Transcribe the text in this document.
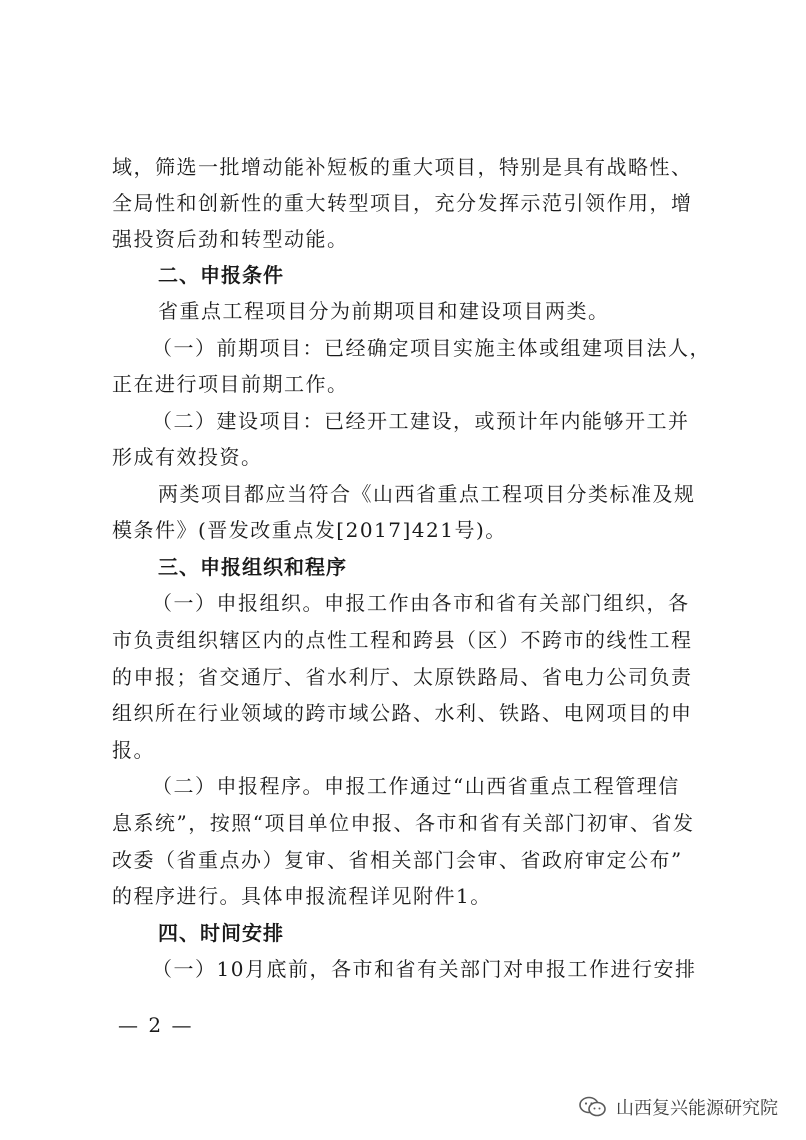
域，筛选一批增动能补短板的重大项目，特别是具有战略性、
全局性和创新性的重大转型项目，充分发挥示范引领作用，增
强投资后劲和转型动能。
二、申报条件
省重点工程项目分为前期项目和建设项目两类。
（一）前期项目：已经确定项目实施主体或组建项目法人，
正在进行项目前期工作。
（二）建设项目：已经开工建设，或预计年内能够开工并
形成有效投资。
两类项目都应当符合《山西省重点工程项目分类标准及规
模条件》(晋发改重点发[2017]421号)。
三、申报组织和程序
（一）申报组织。申报工作由各市和省有关部门组织，各
市负责组织辖区内的点性工程和跨县（区）不跨市的线性工程
的申报；省交通厅、省水利厅、太原铁路局、省电力公司负责
组织所在行业领域的跨市域公路、水利、铁路、电网项目的申
报。
（二）申报程序。申报工作通过“山西省重点工程管理信
息系统”，按照“项目单位申报、各市和省有关部门初审、省发
改委（省重点办）复审、省相关部门会审、省政府审定公布”
的程序进行。具体申报流程详见附件1。
四、时间安排
（一）10月底前，各市和省有关部门对申报工作进行安排
— 2 —
山西复兴能源研究院
